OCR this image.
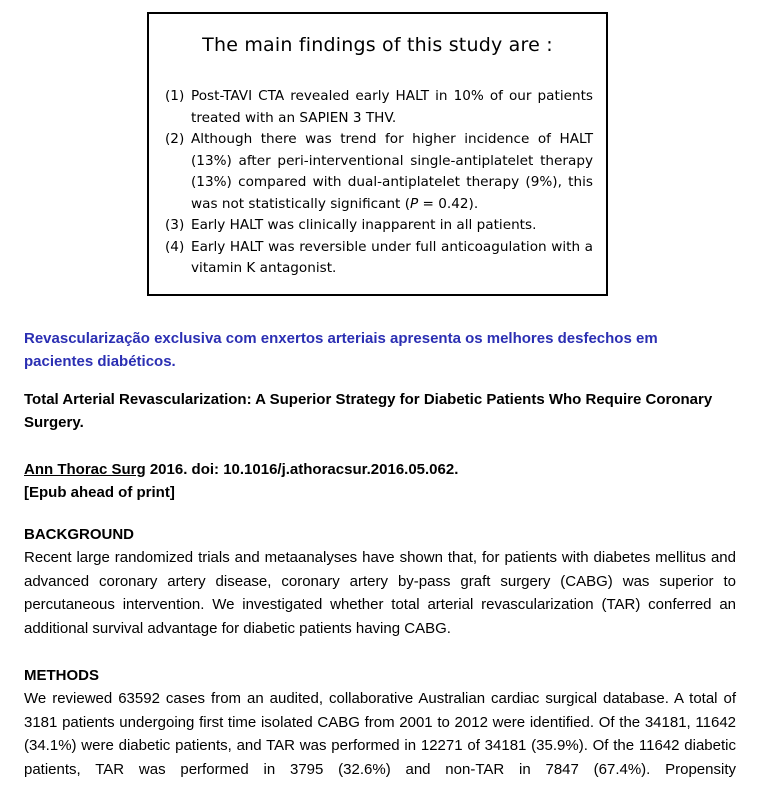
The main findings of this study are :
(1) Post-TAVI CTA revealed early HALT in 10% of our patients treated with an SAPIEN 3 THV.
(2) Although there was trend for higher incidence of HALT (13%) after peri-interventional single-antiplatelet therapy (13%) compared with dual-antiplatelet therapy (9%), this was not statistically significant (P = 0.42).
(3) Early HALT was clinically inapparent in all patients.
(4) Early HALT was reversible under full anticoagulation with a vitamin K antagonist.
Revascularização exclusiva com enxertos arteriais apresenta os melhores desfechos em pacientes diabéticos.
Total Arterial Revascularization: A Superior Strategy for Diabetic Patients Who Require Coronary Surgery.
Ann Thorac Surg 2016. doi: 10.1016/j.athoracsur.2016.05.062.
[Epub ahead of print]
BACKGROUND
Recent large randomized trials and metaanalyses have shown that, for patients with diabetes mellitus and advanced coronary artery disease, coronary artery by-pass graft surgery (CABG) was superior to percutaneous intervention. We investigated whether total arterial revascularization (TAR) conferred an additional survival advantage for diabetic patients having CABG.
METHODS
We reviewed 63592 cases from an audited, collaborative Australian cardiac surgical database. A total of 3181 patients undergoing first time isolated CABG from 2001 to 2012 were identified. Of the 34181, 11642 (34.1%) were diabetic patients, and TAR was performed in 12271 of 34181 (35.9%). Of the 11642 diabetic patients, TAR was performed in 3795 (32.6%) and non-TAR in 7847 (67.4%). Propensity
